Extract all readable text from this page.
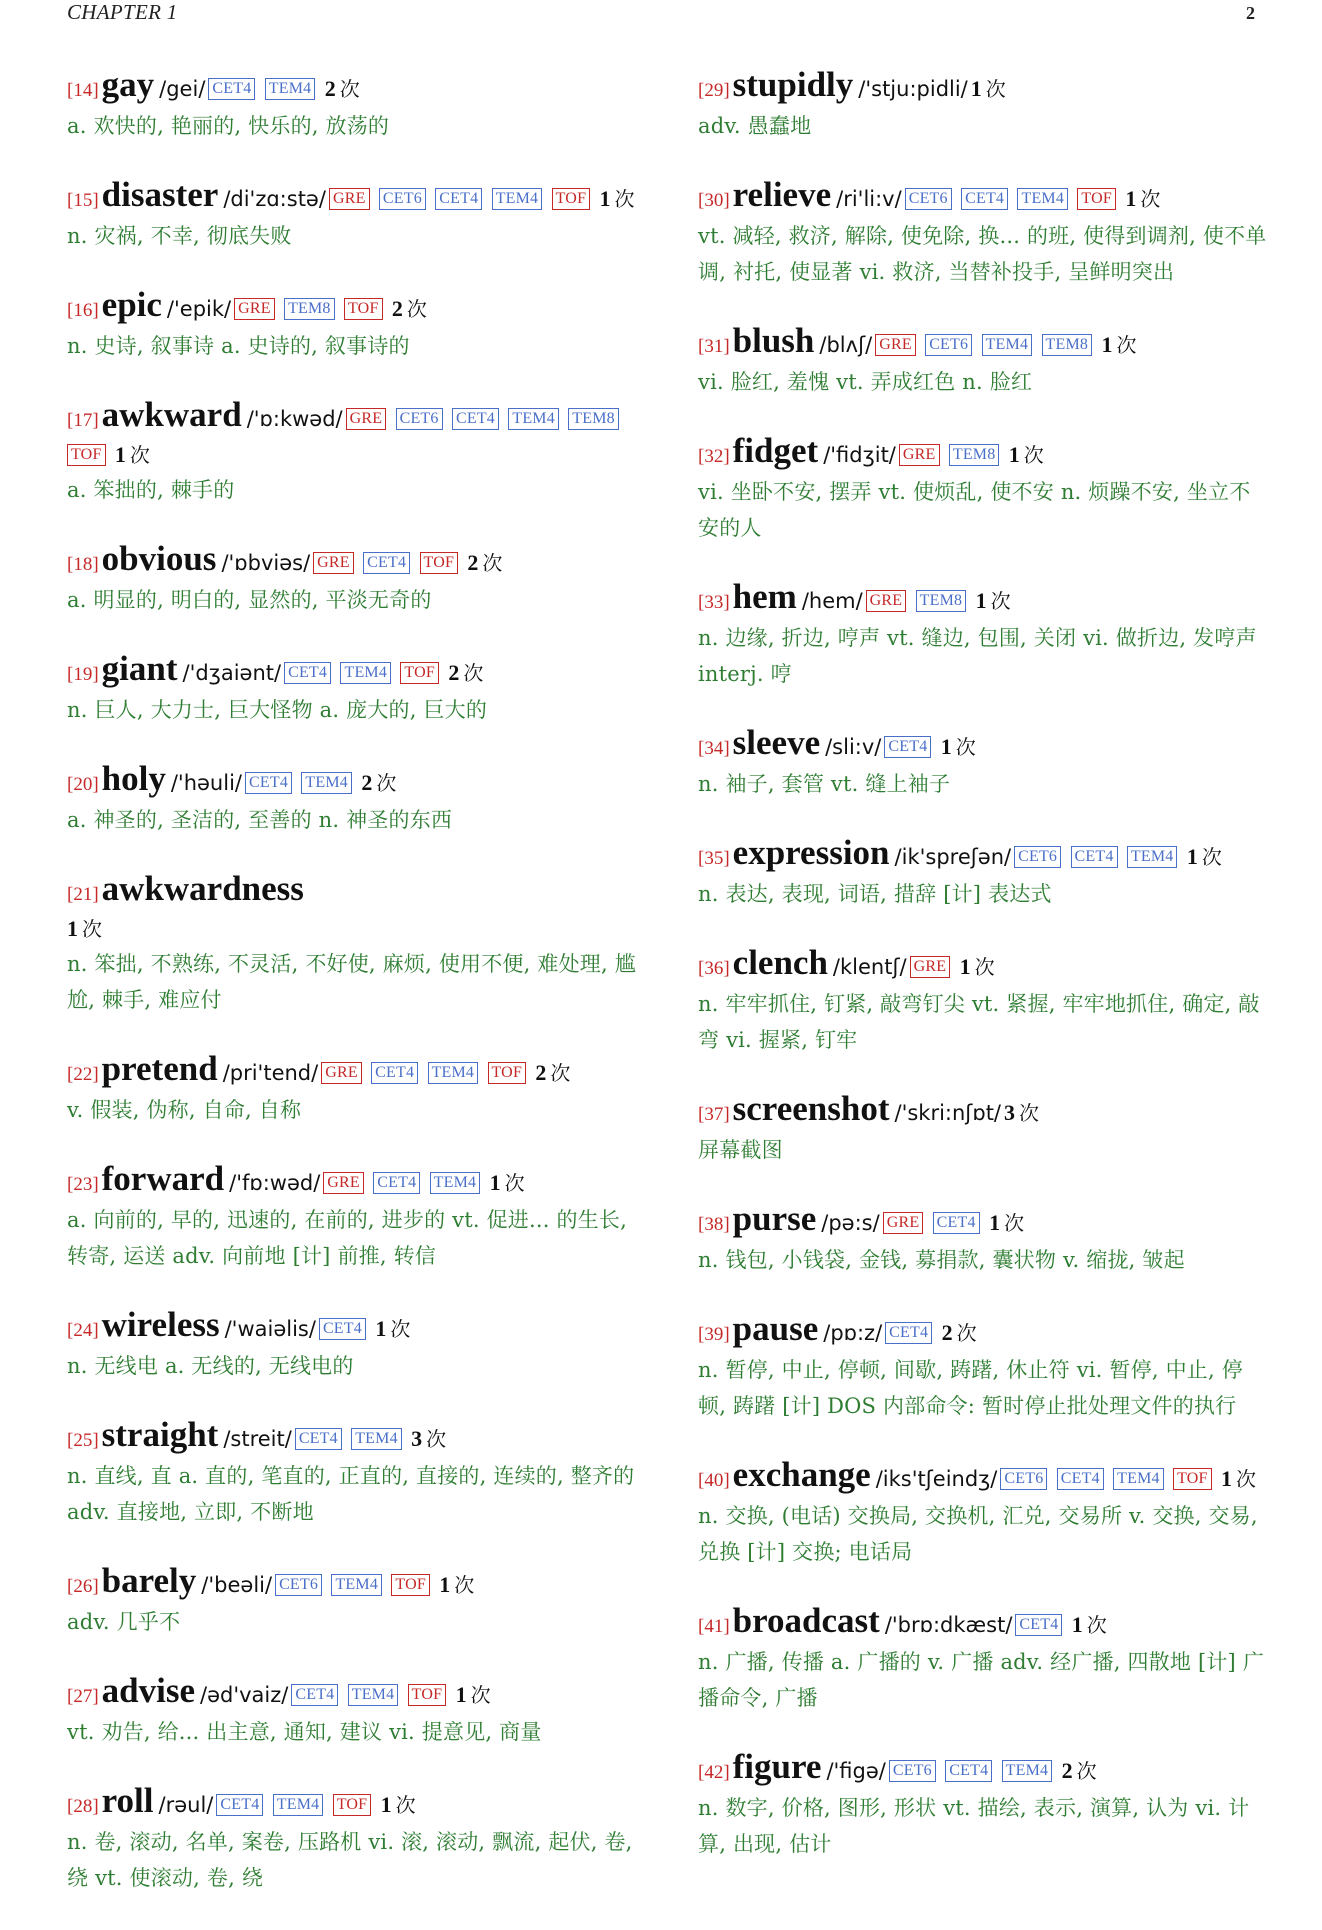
CHAPTER 1	2
[14]gay /gei/ CET4 TEM4 2 次
a. 欢快的, 艳丽的, 快乐的, 放荡的
[15]disaster /di'zɑ:stə/ GRE CET6 CET4 TEM4 TOF 1 次
n. 灾祸, 不幸, 彻底失败
[16]epic /'epik/ GRE TEM8 TOF 2 次
n. 史诗, 叙事诗 a. 史诗的, 叙事诗的
[17]awkward /'ɒ:kwəd/ GRE CET6 CET4 TEM4 TEM8 TOF 1 次
a. 笨拙的, 棘手的
[18]obvious /'ɒbviəs/ GRE CET4 TOF 2 次
a. 明显的, 明白的, 显然的, 平淡无奇的
[19]giant /'dʒaiənt/ CET4 TEM4 TOF 2 次
n. 巨人, 大力士, 巨大怪物 a. 庞大的, 巨大的
[20]holy /'həuli/ CET4 TEM4 2 次
a. 神圣的, 圣洁的, 至善的 n. 神圣的东西
[21]awkwardness
1 次
n. 笨拙, 不熟练, 不灵活, 不好使, 麻烦, 使用不便, 难处理, 尴尬, 棘手, 难应付
[22]pretend /pri'tend/ GRE CET4 TEM4 TOF 2 次
v. 假装, 伪称, 自命, 自称
[23]forward /'fɒ:wəd/ GRE CET4 TEM4 1 次
a. 向前的, 早的, 迅速的, 在前的, 进步的 vt. 促进... 的生长, 转寄, 运送 adv. 向前地 [计] 前推, 转信
[24]wireless /'waiəlis/ CET4 1 次
n. 无线电 a. 无线的, 无线电的
[25]straight /streit/ CET4 TEM4 3 次
n. 直线, 直 a. 直的, 笔直的, 正直的, 直接的, 连续的, 整齐的 adv. 直接地, 立即, 不断地
[26]barely /'beəli/ CET6 TEM4 TOF 1 次
adv. 几乎不
[27]advise /əd'vaiz/ CET4 TEM4 TOF 1 次
vt. 劝告, 给... 出主意, 通知, 建议 vi. 提意见, 商量
[28]roll /rəul/ CET4 TEM4 TOF 1 次
n. 卷, 滚动, 名单, 案卷, 压路机 vi. 滚, 滚动, 飘流, 起伏, 卷, 绕 vt. 使滚动, 卷, 绕
[29]stupidly /'stju:pidli/ 1 次
adv. 愚蠢地
[30]relieve /ri'li:v/ CET6 CET4 TEM4 TOF 1 次
vt. 减轻, 救济, 解除, 使免除, 换... 的班, 使得到调剂, 使不单调, 衬托, 使显著 vi. 救济, 当替补投手, 呈鲜明突出
[31]blush /blʌʃ/ GRE CET6 TEM4 TEM8 1 次
vi. 脸红, 羞愧 vt. 弄成红色 n. 脸红
[32]fidget /'fidʒit/ GRE TEM8 1 次
vi. 坐卧不安, 摆弄 vt. 使烦乱, 使不安 n. 烦躁不安, 坐立不安的人
[33]hem /hem/ GRE TEM8 1 次
n. 边缘, 折边, 哼声 vt. 缝边, 包围, 关闭 vi. 做折边, 发哼声 interj. 哼
[34]sleeve /sli:v/ CET4 1 次
n. 袖子, 套管 vt. 缝上袖子
[35]expression /ik'spreʃən/ CET6 CET4 TEM4 1 次
n. 表达, 表现, 词语, 措辞 [计] 表达式
[36]clench /klentʃ/ GRE 1 次
n. 牢牢抓住, 钉紧, 敲弯钉尖 vt. 紧握, 牢牢地抓住, 确定, 敲弯 vi. 握紧, 钉牢
[37]screenshot /'skri:nʃɒt/ 3 次
屏幕截图
[38]purse /pə:s/ GRE CET4 1 次
n. 钱包, 小钱袋, 金钱, 募捐款, 囊状物 v. 缩拢, 皱起
[39]pause /pɒ:z/ CET4 2 次
n. 暂停, 中止, 停顿, 间歇, 踌躇, 休止符 vi. 暂停, 中止, 停顿, 踌躇 [计] DOS 内部命令: 暂时停止批处理文件的执行
[40]exchange /iks'tʃeindʒ/ CET6 CET4 TEM4 TOF 1 次
n. 交换, (电话) 交换局, 交换机, 汇兑, 交易所 v. 交换, 交易, 兑换 [计] 交换; 电话局
[41]broadcast /'brɒ:dkæst/ CET4 1 次
n. 广播, 传播 a. 广播的 v. 广播 adv. 经广播, 四散地 [计] 广播命令, 广播
[42]figure /'figə/ CET6 CET4 TEM4 2 次
n. 数字, 价格, 图形, 形状 vt. 描绘, 表示, 演算, 认为 vi. 计算, 出现, 估计
